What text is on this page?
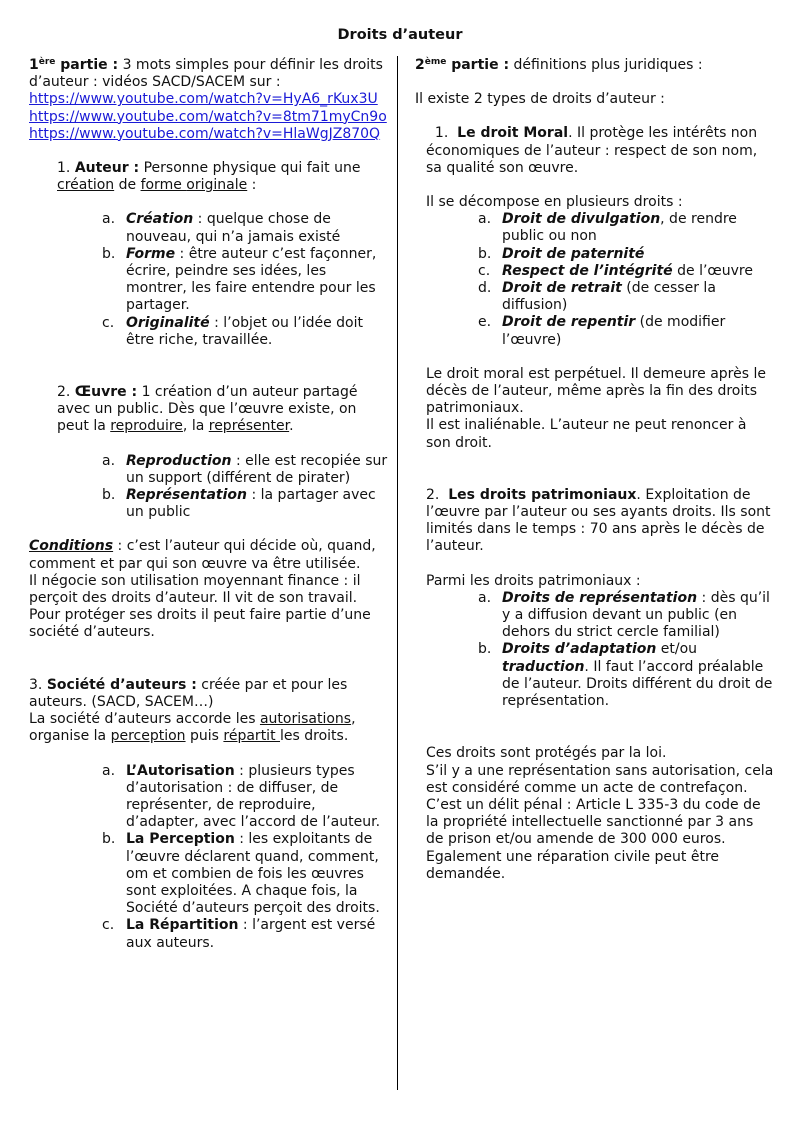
Droits d’auteur

1ère partie : 3 mots simples pour définir les droits d’auteur : vidéos SACD/SACEM sur :

https://www.youtube.com/watch?v=HyA6_rKux3U

https://www.youtube.com/watch?v=8tm71myCn9o

https://www.youtube.com/watch?v=HlaWgJZ870Q

1. Auteur : Personne physique qui fait une création de forme originale :

a. Création : quelque chose de nouveau, qui n’a jamais existé
b. Forme : être auteur c’est façonner, écrire, peindre ses idées, les montrer, les faire entendre pour les partager.
c. Originalité : l’objet ou l’idée doit être riche, travaillée.

2. Œuvre : 1 création d’un auteur partagé avec un public. Dès que l’œuvre existe, on peut la reproduire, la représenter.

a. Reproduction : elle est recopiée sur un support (différent de pirater)
b. Représentation : la partager avec un public

Conditions : c’est l’auteur qui décide où, quand, comment et par qui son œuvre va être utilisée.

Il négocie son utilisation moyennant finance : il perçoit des droits d’auteur. Il vit de son travail.

Pour protéger ses droits il peut faire partie d’une société d’auteurs.

3. Société d’auteurs : créée par et pour les auteurs. (SACD, SACEM…)

La société d’auteurs accorde les autorisations, organise la perception puis répartit les droits.

a. L’Autorisation : plusieurs types d’autorisation : de diffuser, de représenter, de reproduire, d’adapter, avec l’accord de l’auteur.
b. La Perception : les exploitants de l’œuvre déclarent quand, comment, om et combien de fois les œuvres sont exploitées. A chaque fois, la Société d’auteurs perçoit des droits.
c. La Répartition : l’argent est versé aux auteurs.

2ème partie : définitions plus juridiques :

Il existe 2 types de droits d’auteur :

1. Le droit Moral. Il protège les intérêts non économiques de l’auteur : respect de son nom, sa qualité son œuvre.

Il se décompose en plusieurs droits :

a. Droit de divulgation, de rendre public ou non
b. Droit de paternité
c. Respect de l’intégrité de l’œuvre
d. Droit de retrait (de cesser la diffusion)
e. Droit de repentir (de modifier l’œuvre)

Le droit moral est perpétuel. Il demeure après le décès de l’auteur, même après la fin des droits patrimoniaux.

Il est inaliénable. L’auteur ne peut renoncer à son droit.

2. Les droits patrimoniaux. Exploitation de l’œuvre par l’auteur ou ses ayants droits. Ils sont limités dans le temps : 70 ans après le décès de l’auteur.

Parmi les droits patrimoniaux :

a. Droits de représentation : dès qu’il y a diffusion devant un public (en dehors du strict cercle familial)
b. Droits d’adaptation et/ou traduction. Il faut l’accord préalable de l’auteur. Droits différent du droit de représentation.

Ces droits sont protégés par la loi.

S’il y a une représentation sans autorisation, cela est considéré comme un acte de contrefaçon.

C’est un délit pénal : Article L 335-3 du code de la propriété intellectuelle sanctionné par 3 ans de prison et/ou amende de 300 000 euros.

Egalement une réparation civile peut être demandée.
